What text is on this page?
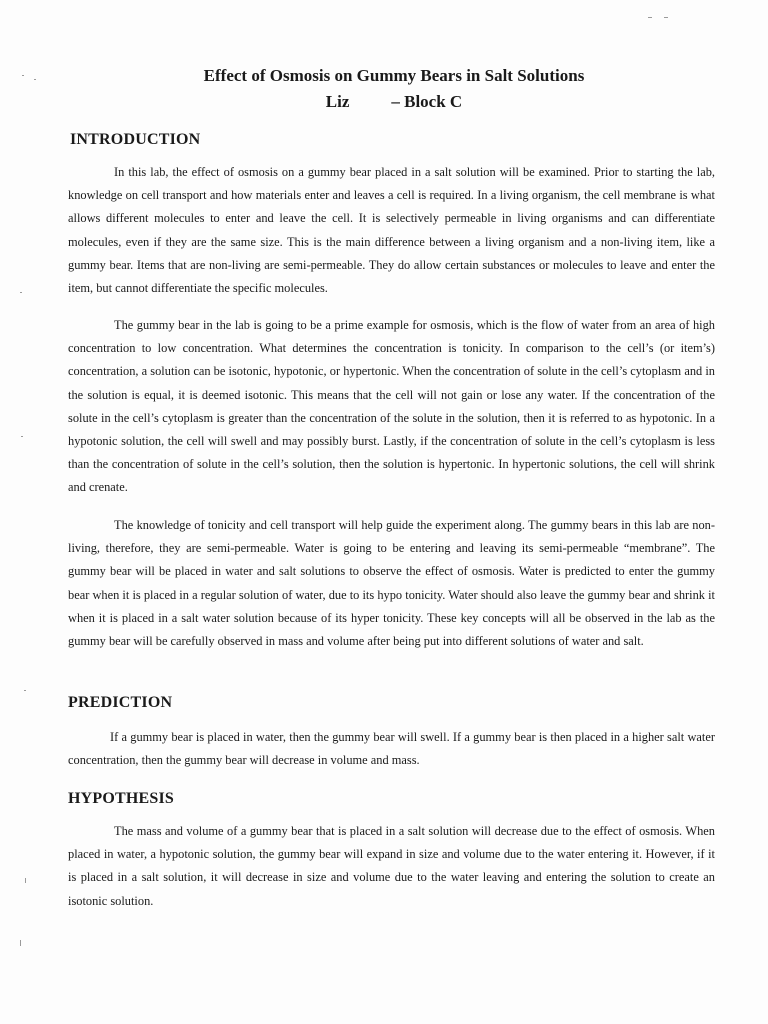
Effect of Osmosis on Gummy Bears in Salt Solutions
Liz – Block C
INTRODUCTION

In this lab, the effect of osmosis on a gummy bear placed in a salt solution will be examined. Prior to starting the lab, knowledge on cell transport and how materials enter and leaves a cell is required. In a living organism, the cell membrane is what allows different molecules to enter and leave the cell. It is selectively permeable in living organisms and can differentiate molecules, even if they are the same size. This is the main difference between a living organism and a non-living item, like a gummy bear. Items that are non-living are semi-permeable. They do allow certain substances or molecules to leave and enter the item, but cannot differentiate the specific molecules.

The gummy bear in the lab is going to be a prime example for osmosis, which is the flow of water from an area of high concentration to low concentration. What determines the concentration is tonicity. In comparison to the cell’s (or item’s) concentration, a solution can be isotonic, hypotonic, or hypertonic. When the concentration of solute in the cell’s cytoplasm and in the solution is equal, it is deemed isotonic. This means that the cell will not gain or lose any water. If the concentration of the solute in the cell’s cytoplasm is greater than the concentration of the solute in the solution, then it is referred to as hypotonic. In a hypotonic solution, the cell will swell and may possibly burst. Lastly, if the concentration of solute in the cell’s cytoplasm is less than the concentration of solute in the cell’s solution, then the solution is hypertonic. In hypertonic solutions, the cell will shrink and crenate.

The knowledge of tonicity and cell transport will help guide the experiment along. The gummy bears in this lab are non-living, therefore, they are semi-permeable. Water is going to be entering and leaving its semi-permeable “membrane”. The gummy bear will be placed in water and salt solutions to observe the effect of osmosis. Water is predicted to enter the gummy bear when it is placed in a regular solution of water, due to its hypo tonicity. Water should also leave the gummy bear and shrink it when it is placed in a salt water solution because of its hyper tonicity. These key concepts will all be observed in the lab as the gummy bear will be carefully observed in mass and volume after being put into different solutions of water and salt.

PREDICTION

If a gummy bear is placed in water, then the gummy bear will swell. If a gummy bear is then placed in a higher salt water concentration, then the gummy bear will decrease in volume and mass.

HYPOTHESIS

The mass and volume of a gummy bear that is placed in a salt solution will decrease due to the effect of osmosis. When placed in water, a hypotonic solution, the gummy bear will expand in size and volume due to the water entering it. However, if it is placed in a salt solution, it will decrease in size and volume due to the water leaving and entering the solution to create an isotonic solution.
